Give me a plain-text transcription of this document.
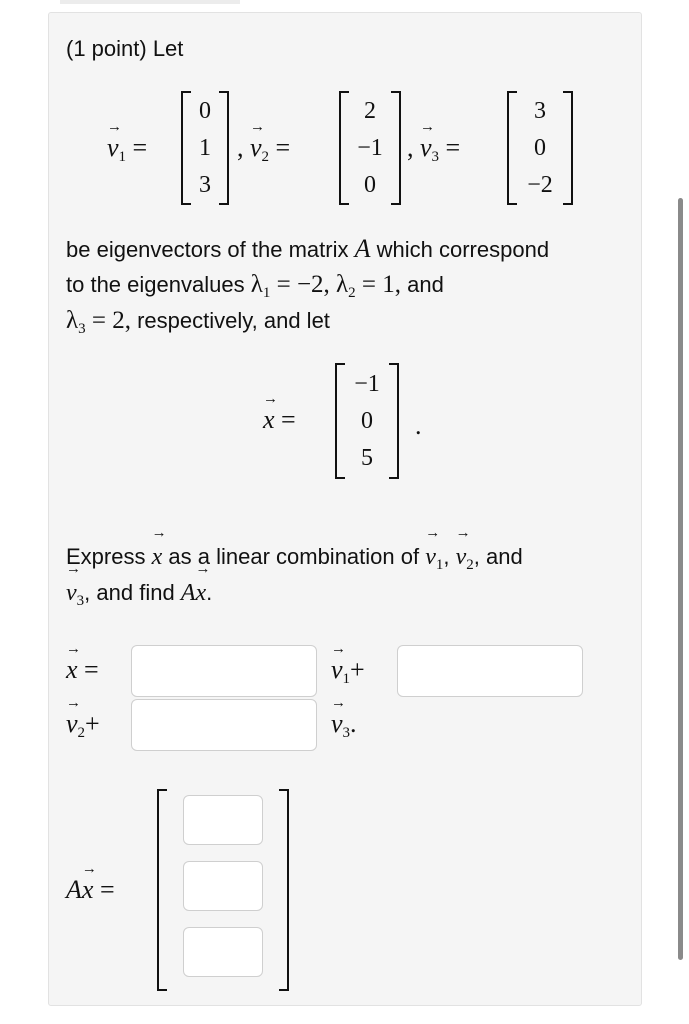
(1 point) Let
→ $v_1$ =
0
1
3
, → $v_2$ =
2
−1
0
, → $v_3$ =
3
0
−2
be eigenvectors of the matrix A which correspond
to the eigenvalues $\lambda_1 = -2$, $\lambda_2 = 1$, and
$\lambda_3 = 2$, respectively, and let
→ x =
−1
0
5
.
Express → x as a linear combination of → $v_1$, → $v_2$, and
→ $v_3$, and find A→ x.
→ x =	→ $v_1+$
→ $v_2+$	→ $v_3$.
A→ x =
